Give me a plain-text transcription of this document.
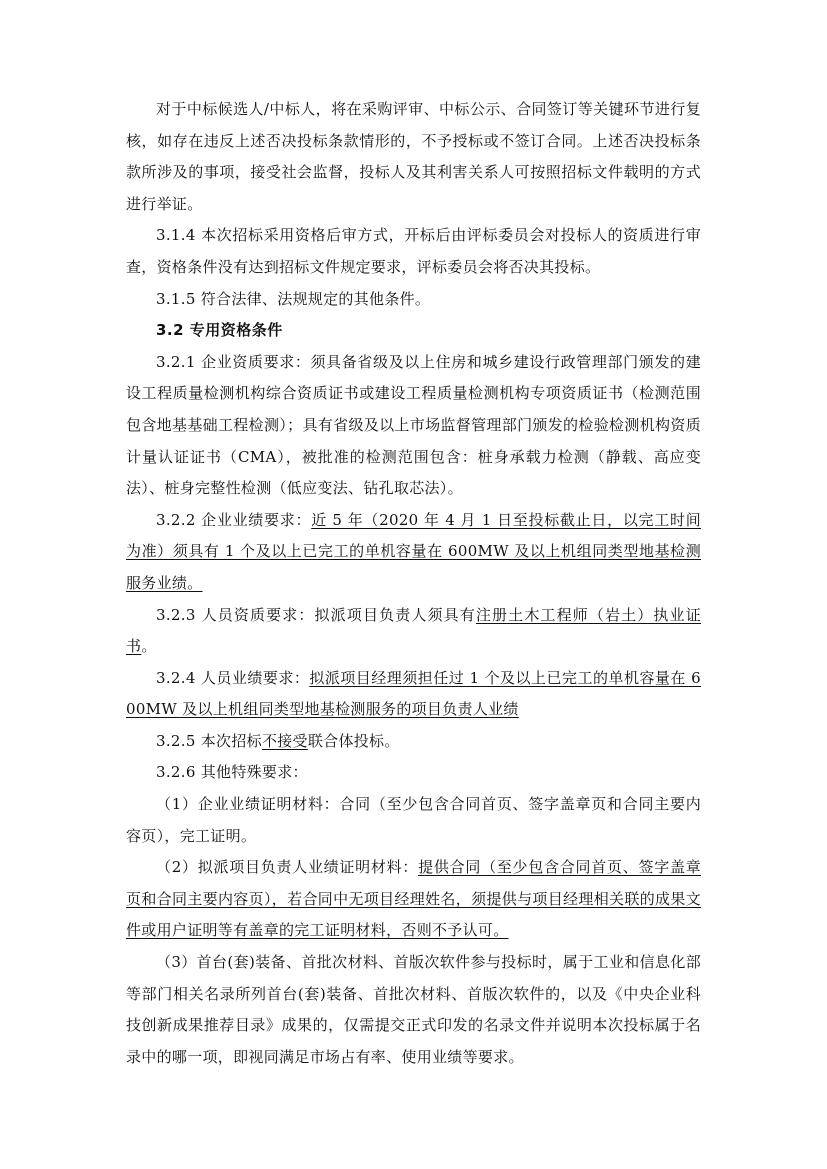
对于中标候选人/中标人，将在采购评审、中标公示、合同签订等关键环节进行复核，如存在违反上述否决投标条款情形的，不予授标或不签订合同。上述否决投标条款所涉及的事项，接受社会监督，投标人及其利害关系人可按照招标文件载明的方式进行举证。

3.1.4 本次招标采用资格后审方式，开标后由评标委员会对投标人的资质进行审查，资格条件没有达到招标文件规定要求，评标委员会将否决其投标。

3.1.5 符合法律、法规规定的其他条件。

3.2 专用资格条件

3.2.1 企业资质要求：须具备省级及以上住房和城乡建设行政管理部门颁发的建设工程质量检测机构综合资质证书或建设工程质量检测机构专项资质证书（检测范围包含地基基础工程检测）；具有省级及以上市场监督管理部门颁发的检验检测机构资质计量认证证书（CMA），被批准的检测范围包含：桩身承载力检测（静载、高应变法）、桩身完整性检测（低应变法、钻孔取芯法）。

3.2.2 企业业绩要求：近 5 年（2020 年 4 月 1 日至投标截止日，以完工时间为准）须具有 1 个及以上已完工的单机容量在 600MW 及以上机组同类型地基检测服务业绩。

3.2.3 人员资质要求：拟派项目负责人须具有注册土木工程师（岩土）执业证书。

3.2.4 人员业绩要求：拟派项目经理须担任过 1 个及以上已完工的单机容量在 600MW 及以上机组同类型地基检测服务的项目负责人业绩

3.2.5 本次招标不接受联合体投标。

3.2.6 其他特殊要求：

（1）企业业绩证明材料：合同（至少包含合同首页、签字盖章页和合同主要内容页），完工证明。

（2）拟派项目负责人业绩证明材料：提供合同（至少包含合同首页、签字盖章页和合同主要内容页），若合同中无项目经理姓名，须提供与项目经理相关联的成果文件或用户证明等有盖章的完工证明材料，否则不予认可。

（3）首台(套)装备、首批次材料、首版次软件参与投标时，属于工业和信息化部等部门相关名录所列首台(套)装备、首批次材料、首版次软件的，以及《中央企业科技创新成果推荐目录》成果的，仅需提交正式印发的名录文件并说明本次投标属于名录中的哪一项，即视同满足市场占有率、使用业绩等要求。
